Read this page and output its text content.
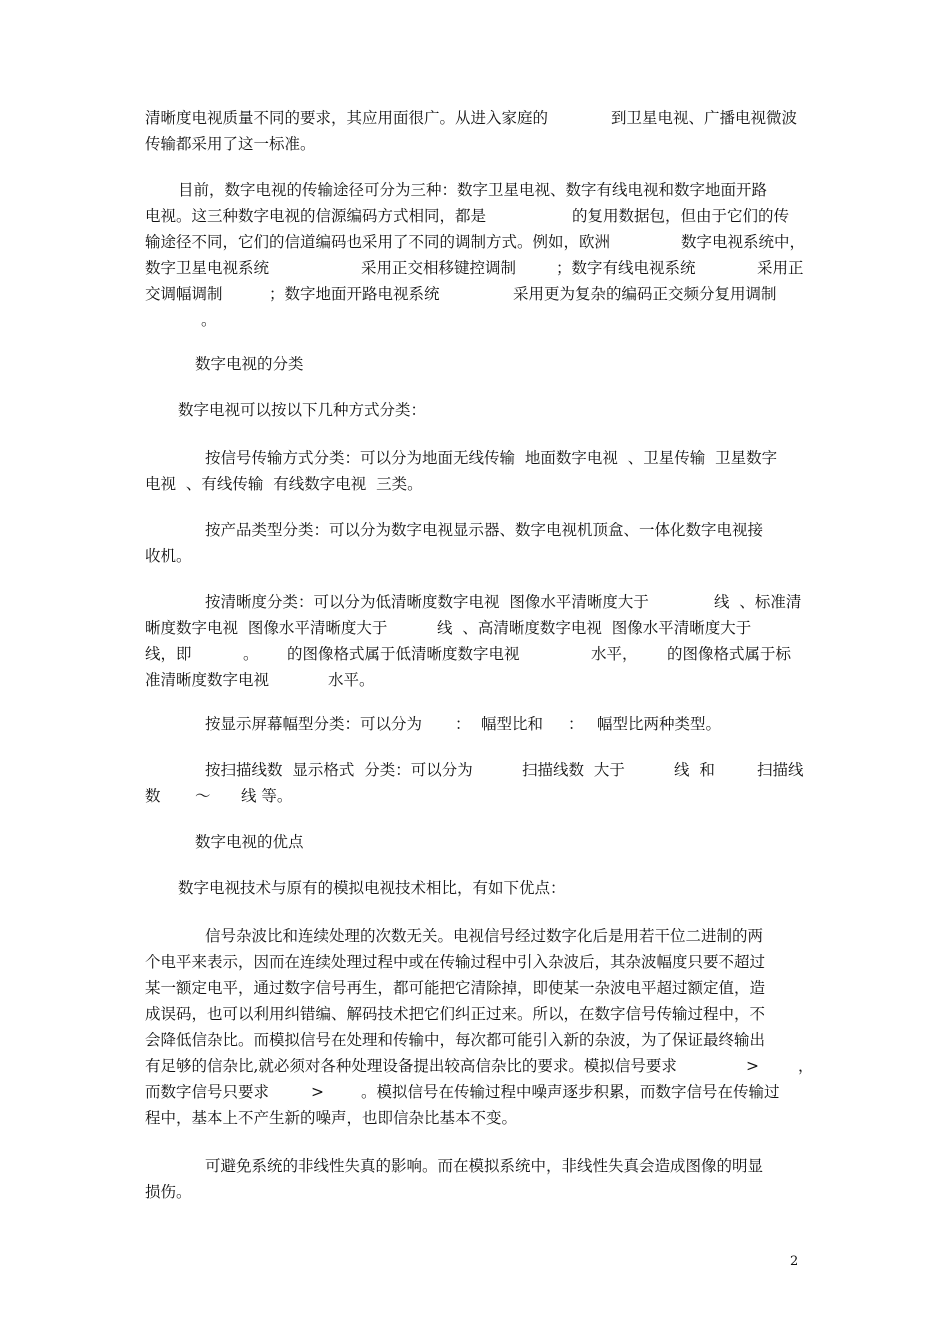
清晰度电视质量不同的要求，其应用面很广。从进入家庭的	到卫星电视、广播电视微波
传输都采用了这一标准。
目前，数字电视的传输途径可分为三种：数字卫星电视、数字有线电视和数字地面开路
电视。这三种数字电视的信源编码方式相同，都是	的复用数据包，但由于它们的传
输途径不同，它们的信道编码也采用了不同的调制方式。例如，欧洲	数字电视系统中，
数字卫星电视系统	采用正交相移键控调制	；数字有线电视系统	采用正
交调幅调制	；数字地面开路电视系统	采用更为复杂的编码正交频分复用调制
。
数字电视的分类
数字电视可以按以下几种方式分类：
按信号传输方式分类：可以分为地面无线传输  地面数字电视  、卫星传输  卫星数字
电视  、有线传输  有线数字电视  三类。
按产品类型分类：可以分为数字电视显示器、数字电视机顶盒、一体化数字电视接
收机。
按清晰度分类：可以分为低清晰度数字电视  图像水平清晰度大于	线  、标准清
晰度数字电视  图像水平清晰度大于	线  、高清晰度数字电视  图像水平清晰度大于
线，即	。 的图像格式属于低清晰度数字电视	水平， 的图像格式属于标
准清晰度数字电视	水平。
按显示屏幕幅型分类：可以分为 ： 幅型比和 ： 幅型比两种类型。
按扫描线数  显示格式  分类：可以分为	扫描线数  大于	线  和	扫描线
数 ～ 线 等。
数字电视的优点
数字电视技术与原有的模拟电视技术相比，有如下优点：
信号杂波比和连续处理的次数无关。电视信号经过数字化后是用若干位二进制的两
个电平来表示，因而在连续处理过程中或在传输过程中引入杂波后，其杂波幅度只要不超过
某一额定电平，通过数字信号再生，都可能把它清除掉，即使某一杂波电平超过额定值，造
成误码，也可以利用纠错编、解码技术把它们纠正过来。所以，在数字信号传输过程中，不
会降低信杂比。而模拟信号在处理和传输中，每次都可能引入新的杂波，为了保证最终输出
有足够的信杂比,就必须对各种处理设备提出较高信杂比的要求。模拟信号要求	>	，
而数字信号只要求	> 。模拟信号在传输过程中噪声逐步积累，而数字信号在传输过
程中，基本上不产生新的噪声，也即信杂比基本不变。
可避免系统的非线性失真的影响。而在模拟系统中，非线性失真会造成图像的明显
损伤。
2
